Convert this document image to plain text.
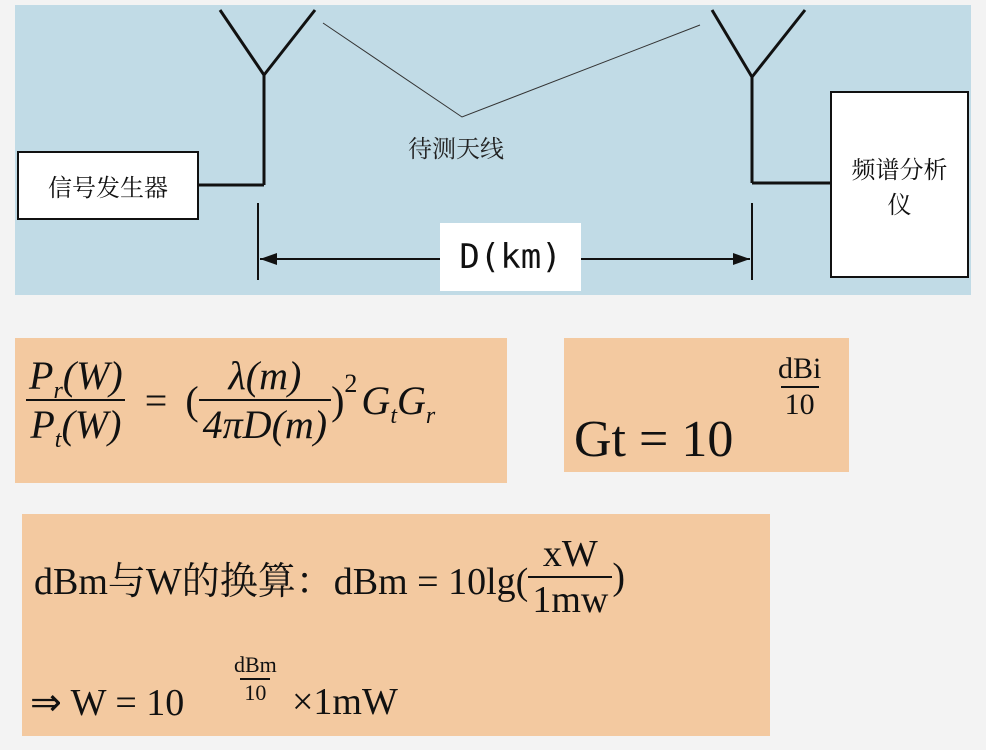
信号发生器
待测天线
频谱分析
仪
D(km)
$\frac{P_r(W)}{P_t(W)}$ = ( $\frac{\lambda(m)}{4\pi D(m)} )^2$ $G_tG_r$	Gt = 10
dBi
10
dBm与W的换算：dBm = $10\lg( \frac{xW}{1mw}$ )
⇒ W = 10
dBm
10 ×1mW
